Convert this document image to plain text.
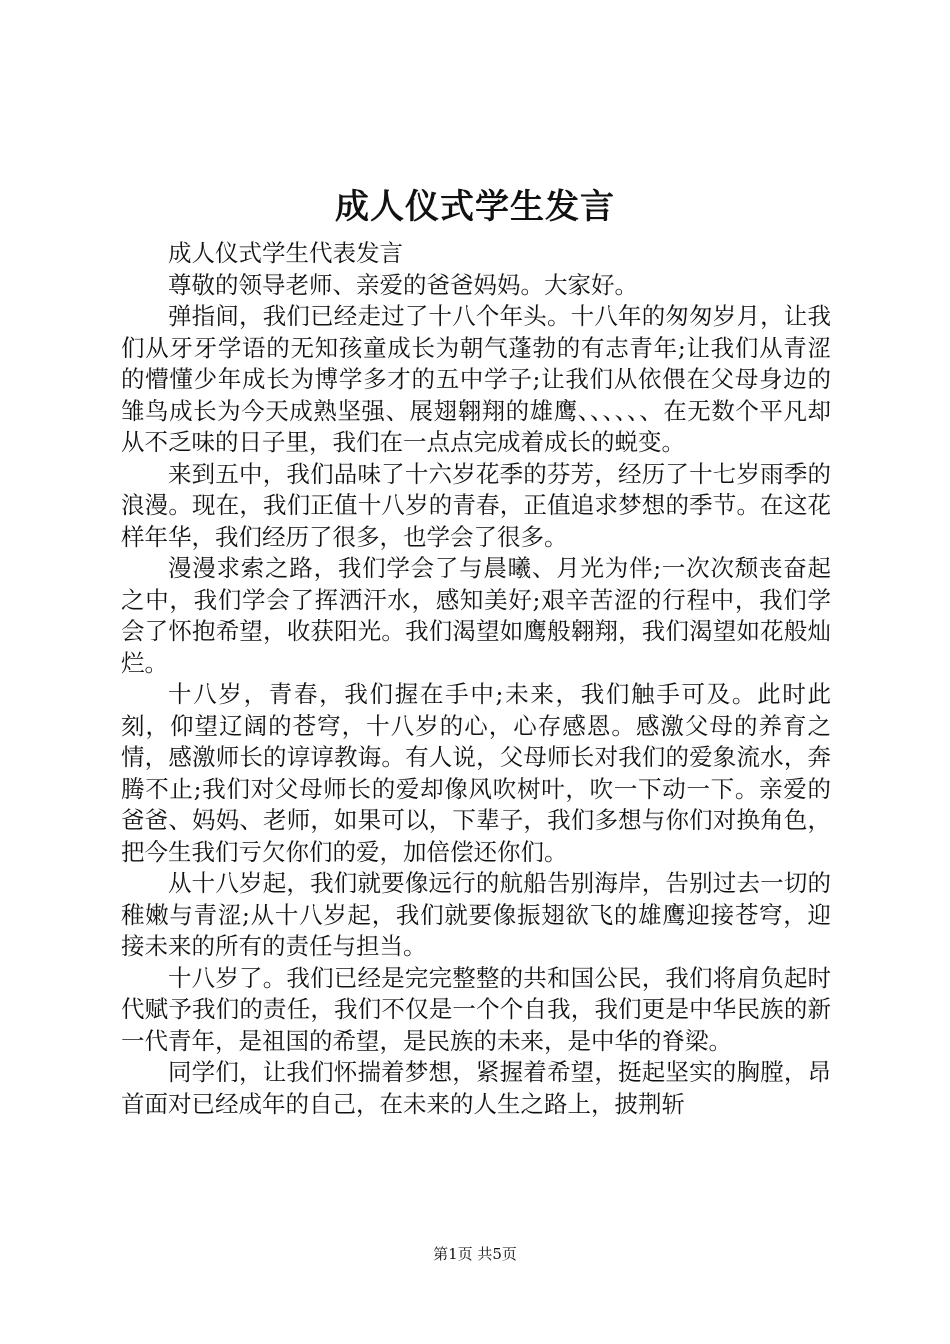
成人仪式学生发言

成人仪式学生代表发言

尊敬的领导老师、亲爱的爸爸妈妈。大家好。

弹指间，我们已经走过了十八个年头。十八年的匆匆岁月，让我们从牙牙学语的无知孩童成长为朝气蓬勃的有志青年;让我们从青涩的懵懂少年成长为博学多才的五中学子;让我们从依偎在父母身边的雏鸟成长为今天成熟坚强、展翅翱翔的雄鹰、、、、、、在无数个平凡却从不乏味的日子里，我们在一点点完成着成长的蜕变。

来到五中，我们品味了十六岁花季的芬芳，经历了十七岁雨季的浪漫。现在，我们正值十八岁的青春，正值追求梦想的季节。在这花样年华，我们经历了很多，也学会了很多。

漫漫求索之路，我们学会了与晨曦、月光为伴;一次次颓丧奋起之中，我们学会了挥洒汗水，感知美好;艰辛苦涩的行程中，我们学会了怀抱希望，收获阳光。我们渴望如鹰般翱翔，我们渴望如花般灿烂。

十八岁，青春，我们握在手中;未来，我们触手可及。此时此刻，仰望辽阔的苍穹，十八岁的心，心存感恩。感激父母的养育之情，感激师长的谆谆教诲。有人说，父母师长对我们的爱象流水，奔腾不止;我们对父母师长的爱却像风吹树叶，吹一下动一下。亲爱的爸爸、妈妈、老师，如果可以，下辈子，我们多想与你们对换角色，把今生我们亏欠你们的爱，加倍偿还你们。

从十八岁起，我们就要像远行的航船告别海岸，告别过去一切的稚嫩与青涩;从十八岁起，我们就要像振翅欲飞的雄鹰迎接苍穹，迎接未来的所有的责任与担当。

十八岁了。我们已经是完完整整的共和国公民，我们将肩负起时代赋予我们的责任，我们不仅是一个个自我，我们更是中华民族的新一代青年，是祖国的希望，是民族的未来，是中华的脊梁。

同学们，让我们怀揣着梦想，紧握着希望，挺起坚实的胸膛，昂首面对已经成年的自己，在未来的人生之路上，披荆斩

第1页 共5页
